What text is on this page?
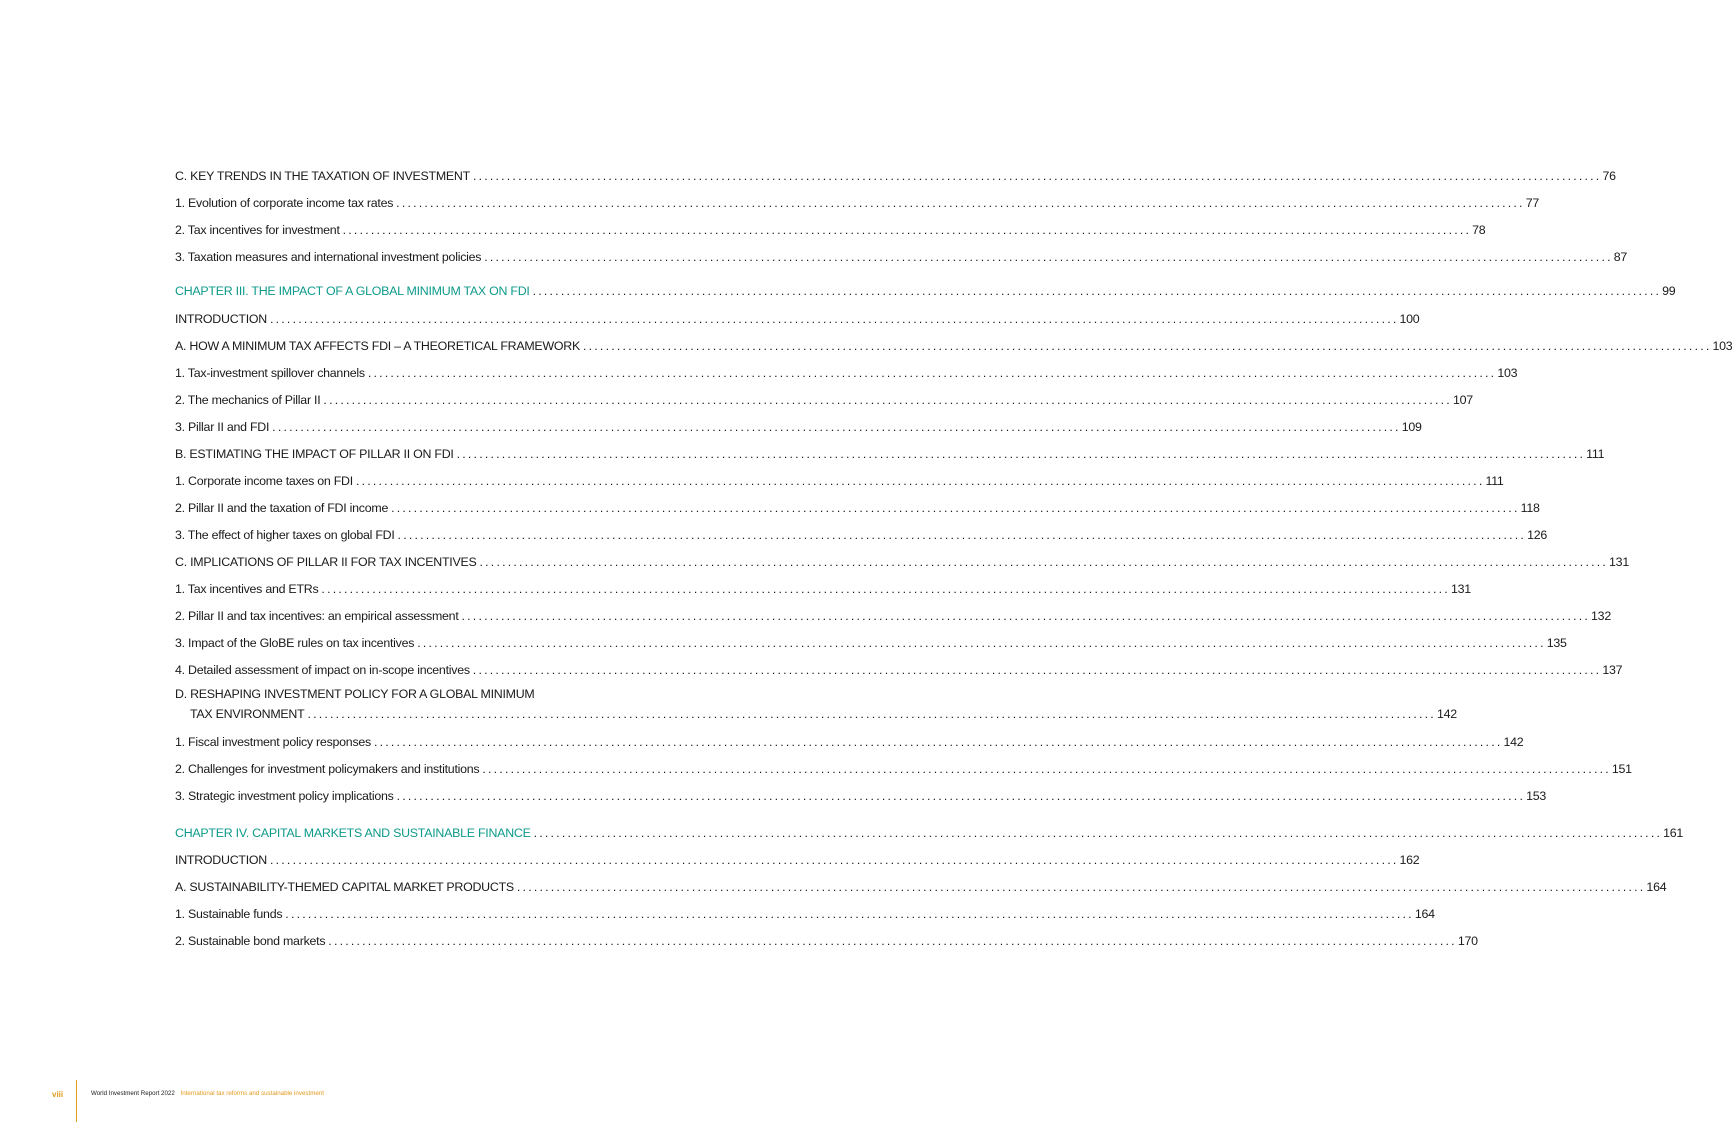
C. KEY TRENDS IN THE TAXATION OF INVESTMENT ........................................................................................................................................................................................................ 76
1. Evolution of corporate income tax rates ........................................................................................................................................................................................................ 77
2. Tax incentives for investment ........................................................................................................................................................................................................ 78
3. Taxation measures and international investment policies ........................................................................................................................................................................................................ 87
CHAPTER III. THE IMPACT OF A GLOBAL MINIMUM TAX ON FDI ........................................................................................................................................................................................................ 99
INTRODUCTION ........................................................................................................................................................................................................ 100
A. HOW A MINIMUM TAX AFFECTS FDI – A THEORETICAL FRAMEWORK ........................................................................................................................................................................................................ 103
1. Tax-investment spillover channels ........................................................................................................................................................................................................ 103
2. The mechanics of Pillar II ........................................................................................................................................................................................................ 107
3. Pillar II and FDI ........................................................................................................................................................................................................ 109
B. ESTIMATING THE IMPACT OF PILLAR II ON FDI ........................................................................................................................................................................................................ 111
1. Corporate income taxes on FDI ........................................................................................................................................................................................................ 111
2. Pillar II and the taxation of FDI income ........................................................................................................................................................................................................ 118
3. The effect of higher taxes on global FDI ........................................................................................................................................................................................................ 126
C. IMPLICATIONS OF PILLAR II FOR TAX INCENTIVES ........................................................................................................................................................................................................ 131
1. Tax incentives and ETRs ........................................................................................................................................................................................................ 131
2. Pillar II and tax incentives: an empirical assessment ........................................................................................................................................................................................................ 132
3. Impact of the GloBE rules on tax incentives ........................................................................................................................................................................................................ 135
4. Detailed assessment of impact on in-scope incentives ........................................................................................................................................................................................................ 137
D. RESHAPING INVESTMENT POLICY FOR A GLOBAL MINIMUM
TAX ENVIRONMENT ........................................................................................................................................................................................................ 142
1. Fiscal investment policy responses ........................................................................................................................................................................................................ 142
2. Challenges for investment policymakers and institutions ........................................................................................................................................................................................................ 151
3. Strategic investment policy implications ........................................................................................................................................................................................................ 153
CHAPTER IV. CAPITAL MARKETS AND SUSTAINABLE FINANCE ........................................................................................................................................................................................................ 161
INTRODUCTION ........................................................................................................................................................................................................ 162
A. SUSTAINABILITY-THEMED CAPITAL MARKET PRODUCTS ........................................................................................................................................................................................................ 164
1. Sustainable funds ........................................................................................................................................................................................................ 164
2. Sustainable bond markets ........................................................................................................................................................................................................ 170
viii	World Investment Report 2022 International tax reforms and sustainable investment
